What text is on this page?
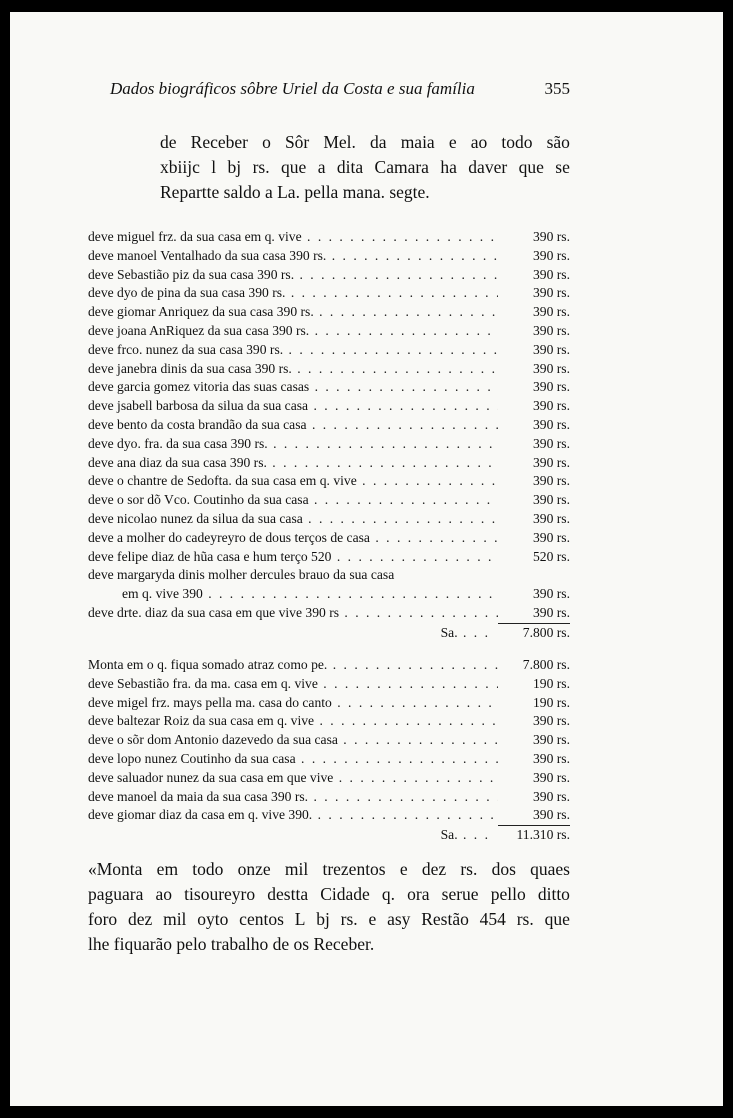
Dados biográficos sôbre Uriel da Costa e sua família	355
de Receber o Sôr Mel. da maia e ao todo são
xbiijc l bj rs. que a dita Camara ha daver que se
Repartte saldo a La. pella mana. segte.
deve miguel frz. da sua casa em q. vive . . .	390 rs.
deve manoel Ventalhado da sua casa 390 rs. . . .	390 rs.
deve Sebastião piz da sua casa 390 rs. . . .	390 rs.
deve dyo de pina da sua casa 390 rs. . . .	390 rs.
deve giomar Anriquez da sua casa 390 rs. . . .	390 rs.
deve joana AnRiquez da sua casa 390 rs. . . .	390 rs.
deve frco. nunez da sua casa 390 rs. . . .	390 rs.
deve janebra dinis da sua casa 390 rs. . . .	390 rs.
deve garcia gomez vitoria das suas casas . . .	390 rs.
deve jsabell barbosa da silua da sua casa . . .	390 rs.
deve bento da costa brandão da sua casa . . .	390 rs.
deve dyo. fra. da sua casa 390 rs. . . .	390 rs.
deve ana diaz da sua casa 390 rs. . . .	390 rs.
deve o chantre de Sedofta. da sua casa em q. vive . . .	390 rs.
deve o sor dõ Vco. Coutinho da sua casa . . .	390 rs.
deve nicolao nunez da silua da sua casa . . .	390 rs.
deve a molher do cadeyreyro de dous terços de casa . . .	390 rs.
deve felipe diaz de hũa casa e hum terço 520 . . .	520 rs.
deve margaryda dinis molher dercules brauo da sua casa
em q. vive 390 . . .	390 rs.
deve drte. diaz da sua casa em que vive 390 rs . . .	390 rs.
Sa. . . .	7.800 rs.
Monta em o q. fiqua somado atraz como pe. . . .	7.800 rs.
deve Sebastião fra. da ma. casa em q. vive . . .	190 rs.
deve migel frz. mays pella ma. casa do canto . . .	190 rs.
deve baltezar Roiz da sua casa em q. vive . . .	390 rs.
deve o sõr dom Antonio dazevedo da sua casa . . .	390 rs.
deve lopo nunez Coutinho da sua casa . . .	390 rs.
deve saluador nunez da sua casa em que vive . . .	390 rs.
deve manoel da maia da sua casa 390 rs. . . .	390 rs.
deve giomar diaz da casa em q. vive 390. . . .	390 rs.
Sa. . . .	11.310 rs.
«Monta em todo onze mil trezentos e dez rs. dos quaes
paguara ao tisoureyro destta Cidade q. ora serue pello ditto
foro dez mil oyto centos L bj rs. e asy Restão 454 rs. que
lhe fiquarão pelo trabalho de os Receber.
